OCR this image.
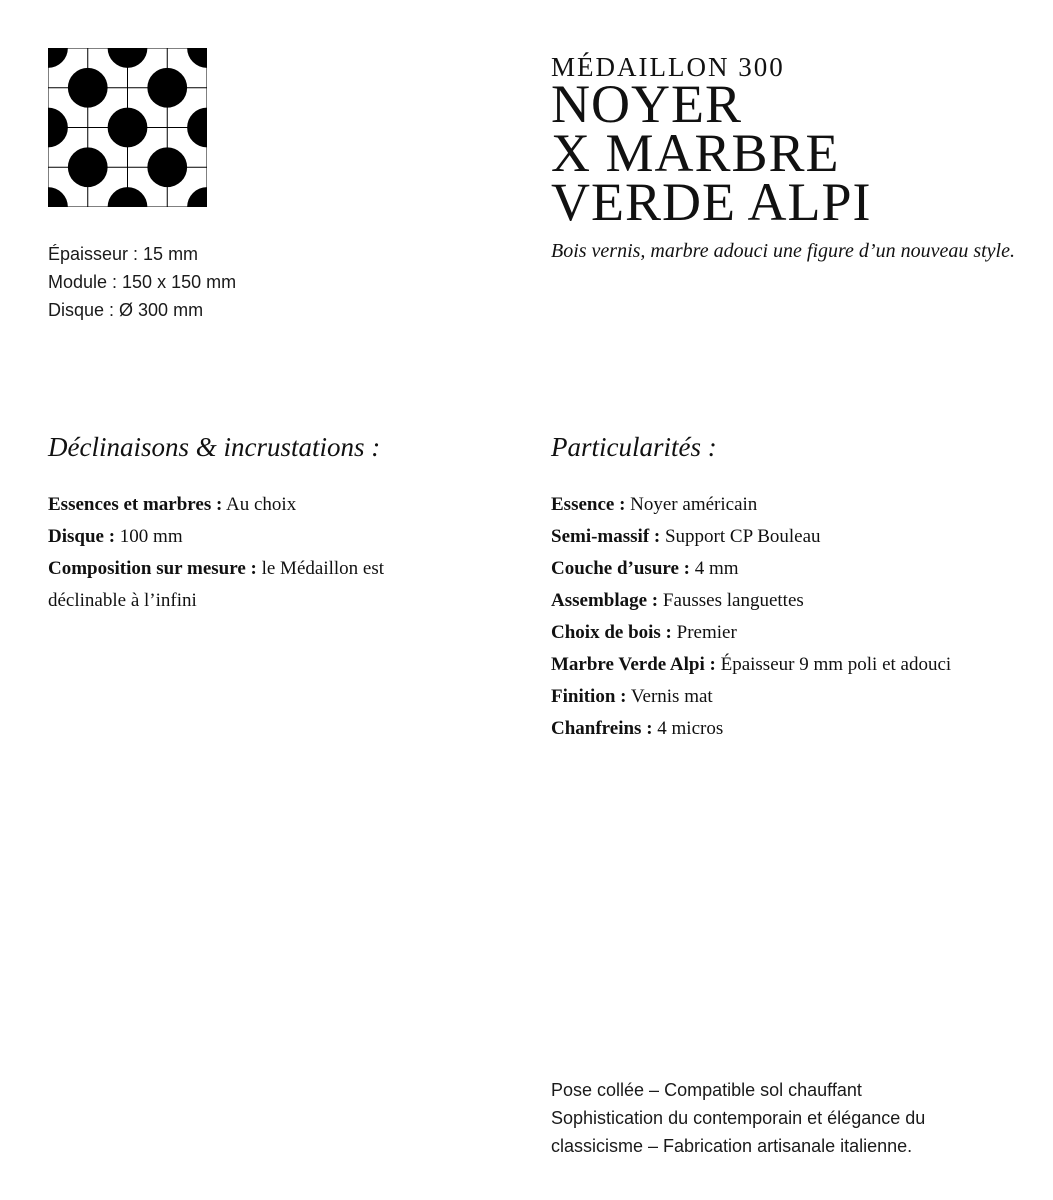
Épaisseur : 15 mm
Module : 150 x 150 mm
Disque : Ø 300 mm
MÉDAILLON 300
NOYER
X MARBRE
VERDE ALPI
Bois vernis, marbre adouci une figure d’un nouveau style.
Déclinaisons & incrustations :
Essences et marbres : Au choix
Disque : 100 mm
Composition sur mesure : le Médaillon est déclinable à l’infini
Particularités :
Essence : Noyer américain
Semi-massif : Support CP Bouleau
Couche d’usure : 4 mm
Assemblage : Fausses languettes
Choix de bois : Premier
Marbre Verde Alpi : Épaisseur 9 mm poli et adouci
Finition : Vernis mat
Chanfreins : 4 micros
Pose collée – Compatible sol chauffant
Sophistication du contemporain et élégance du
classicisme – Fabrication artisanale italienne.
